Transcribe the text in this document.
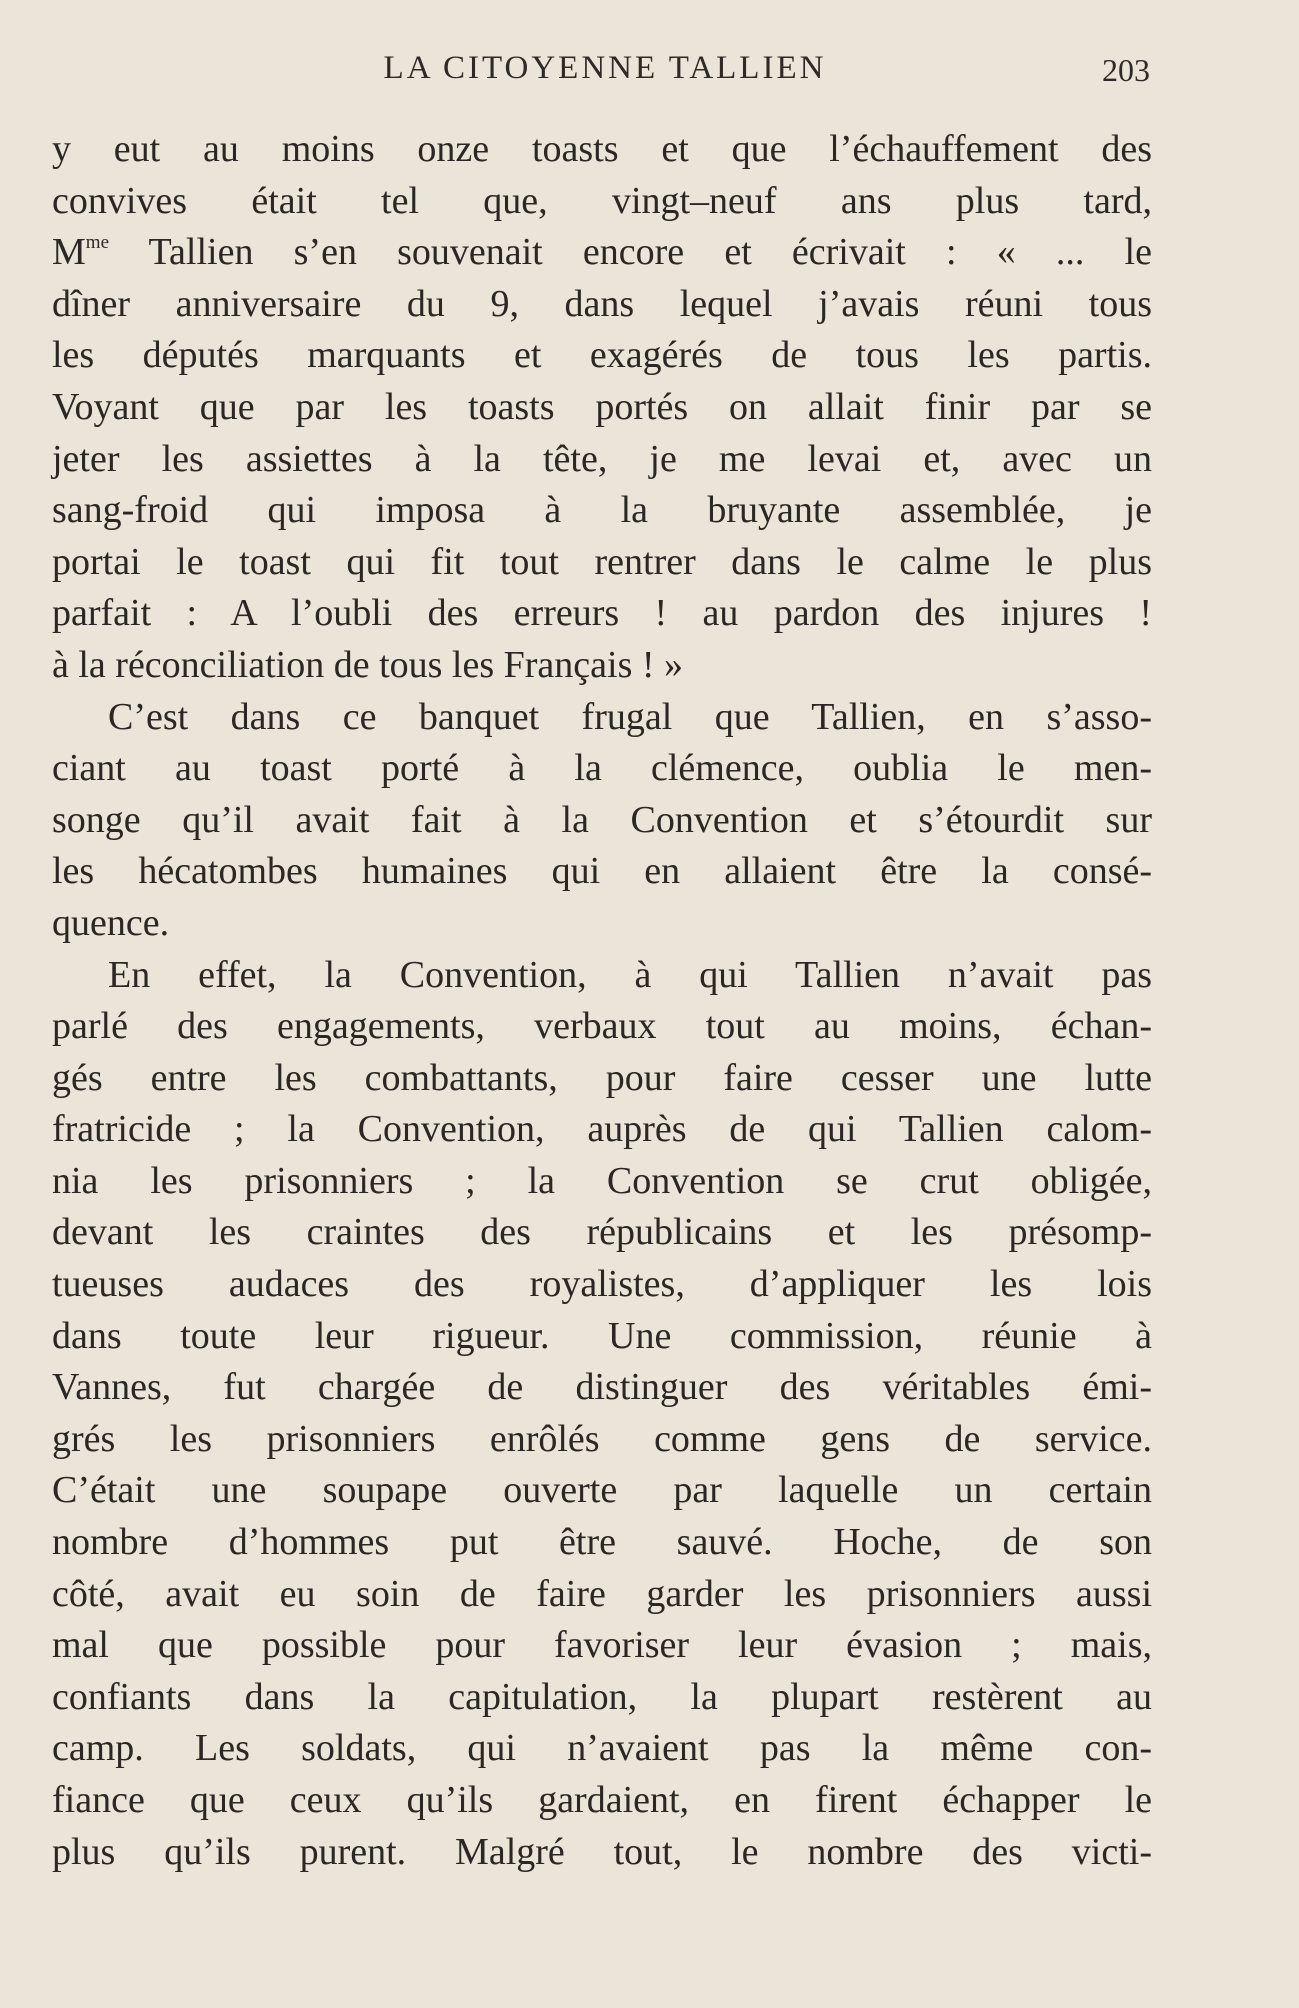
LA CITOYENNE TALLIEN	203
y eut au moins onze toasts et que l’échauffement des
convives était tel que, vingt–neuf ans plus tard,
$M^{me}$ Tallien s’en souvenait encore et écrivait : « ... le
dîner anniversaire du 9, dans lequel j’avais réuni tous
les députés marquants et exagérés de tous les partis.
Voyant que par les toasts portés on allait finir par se
jeter les assiettes à la tête, je me levai et, avec un
sang-froid qui imposa à la bruyante assemblée, je
portai le toast qui fit tout rentrer dans le calme le plus
parfait : A l’oubli des erreurs ! au pardon des injures !
à la réconciliation de tous les Français ! »
C’est dans ce banquet frugal que Tallien, en s’asso-
ciant au toast porté à la clémence, oublia le men-
songe qu’il avait fait à la Convention et s’étourdit sur
les hécatombes humaines qui en allaient être la consé-
quence.
En effet, la Convention, à qui Tallien n’avait pas
parlé des engagements, verbaux tout au moins, échan-
gés entre les combattants, pour faire cesser une lutte
fratricide ; la Convention, auprès de qui Tallien calom-
nia les prisonniers ; la Convention se crut obligée,
devant les craintes des républicains et les présomp-
tueuses audaces des royalistes, d’appliquer les lois
dans toute leur rigueur. Une commission, réunie à
Vannes, fut chargée de distinguer des véritables émi-
grés les prisonniers enrôlés comme gens de service.
C’était une soupape ouverte par laquelle un certain
nombre d’hommes put être sauvé. Hoche, de son
côté, avait eu soin de faire garder les prisonniers aussi
mal que possible pour favoriser leur évasion ; mais,
confiants dans la capitulation, la plupart restèrent au
camp. Les soldats, qui n’avaient pas la même con-
fiance que ceux qu’ils gardaient, en firent échapper le
plus qu’ils purent. Malgré tout, le nombre des victi-
